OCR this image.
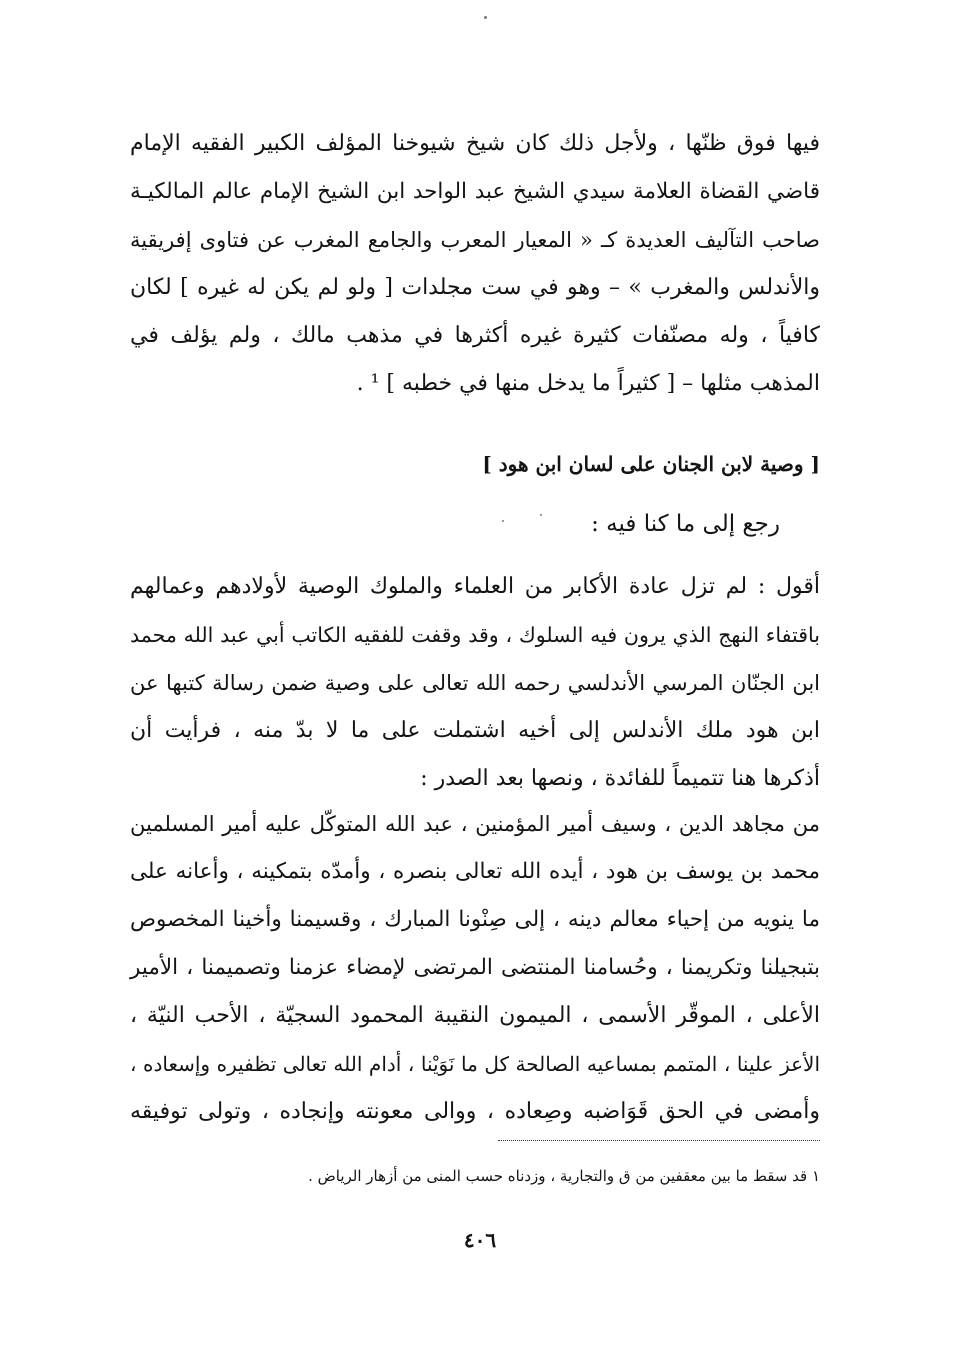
فيها فوق ظنّها ، ولأجل ذلك كان شيخ شيوخنا المؤلف الكبير الفقيه الإمام
قاضي القضاة العلامة سيدي الشيخ عبد الواحد ابن الشيخ الإمام عالم المالكيـة
صاحب التآليف العديدة كـ « المعيار المعرب والجامع المغرب عن فتاوى إفريقية
والأندلس والمغرب » – وهو في ست مجلدات [ ولو لم يكن له غيره ] لكان
كافياً ، وله مصنّفات كثيرة غيره أكثرها في مذهب مالك ، ولم يؤلف في
المذهب مثلها – [ كثيراً ما يدخل منها في خطبه ] ¹ .
[ وصية لابن الجنان على لسان ابن هود ]
رجع إلى ما كنا فيه :
أقول : لم تزل عادة الأكابر من العلماء والملوك الوصية لأولادهم وعمالهم
باقتفاء النهج الذي يرون فيه السلوك ، وقد وقفت للفقيه الكاتب أبي عبد الله محمد
ابن الجنّان المرسي الأندلسي رحمه الله تعالى على وصية ضمن رسالة كتبها عن
ابن هود ملك الأندلس إلى أخيه اشتملت على ما لا بدّ منه ، فرأيت أن
أذكرها هنا تتميماً للفائدة ، ونصها بعد الصدر :
من مجاهد الدين ، وسيف أمير المؤمنين ، عبد الله المتوكّل عليه أمير المسلمين
محمد بن يوسف بن هود ، أيده الله تعالى بنصره ، وأمدّه بتمكينه ، وأعانه على
ما ينويه من إحياء معالم دينه ، إلى صِنْونا المبارك ، وقسيمنا وأخينا المخصوص
بتبجيلنا وتكريمنا ، وحُسامنا المنتضى المرتضى لإمضاء عزمنا وتصميمنا ، الأمير
الأعلى ، الموقّر الأسمى ، الميمون النقيبة المحمود السجيّة ، الأحب النيّة ،
الأعز علينا ، المتمم بمساعيه الصالحة كل ما نَوَيْنا ، أدام الله تعالى تظفيره وإسعاده ،
وأمضى في الحق قَوَاضبه وصِعاده ، ووالى معونته وإنجاده ، وتولى توفيقه
١ قد سقط ما بين معقفين من ق والتجارية ، وزدناه حسب المنى من أزهار الرياض .
٤٠٦
